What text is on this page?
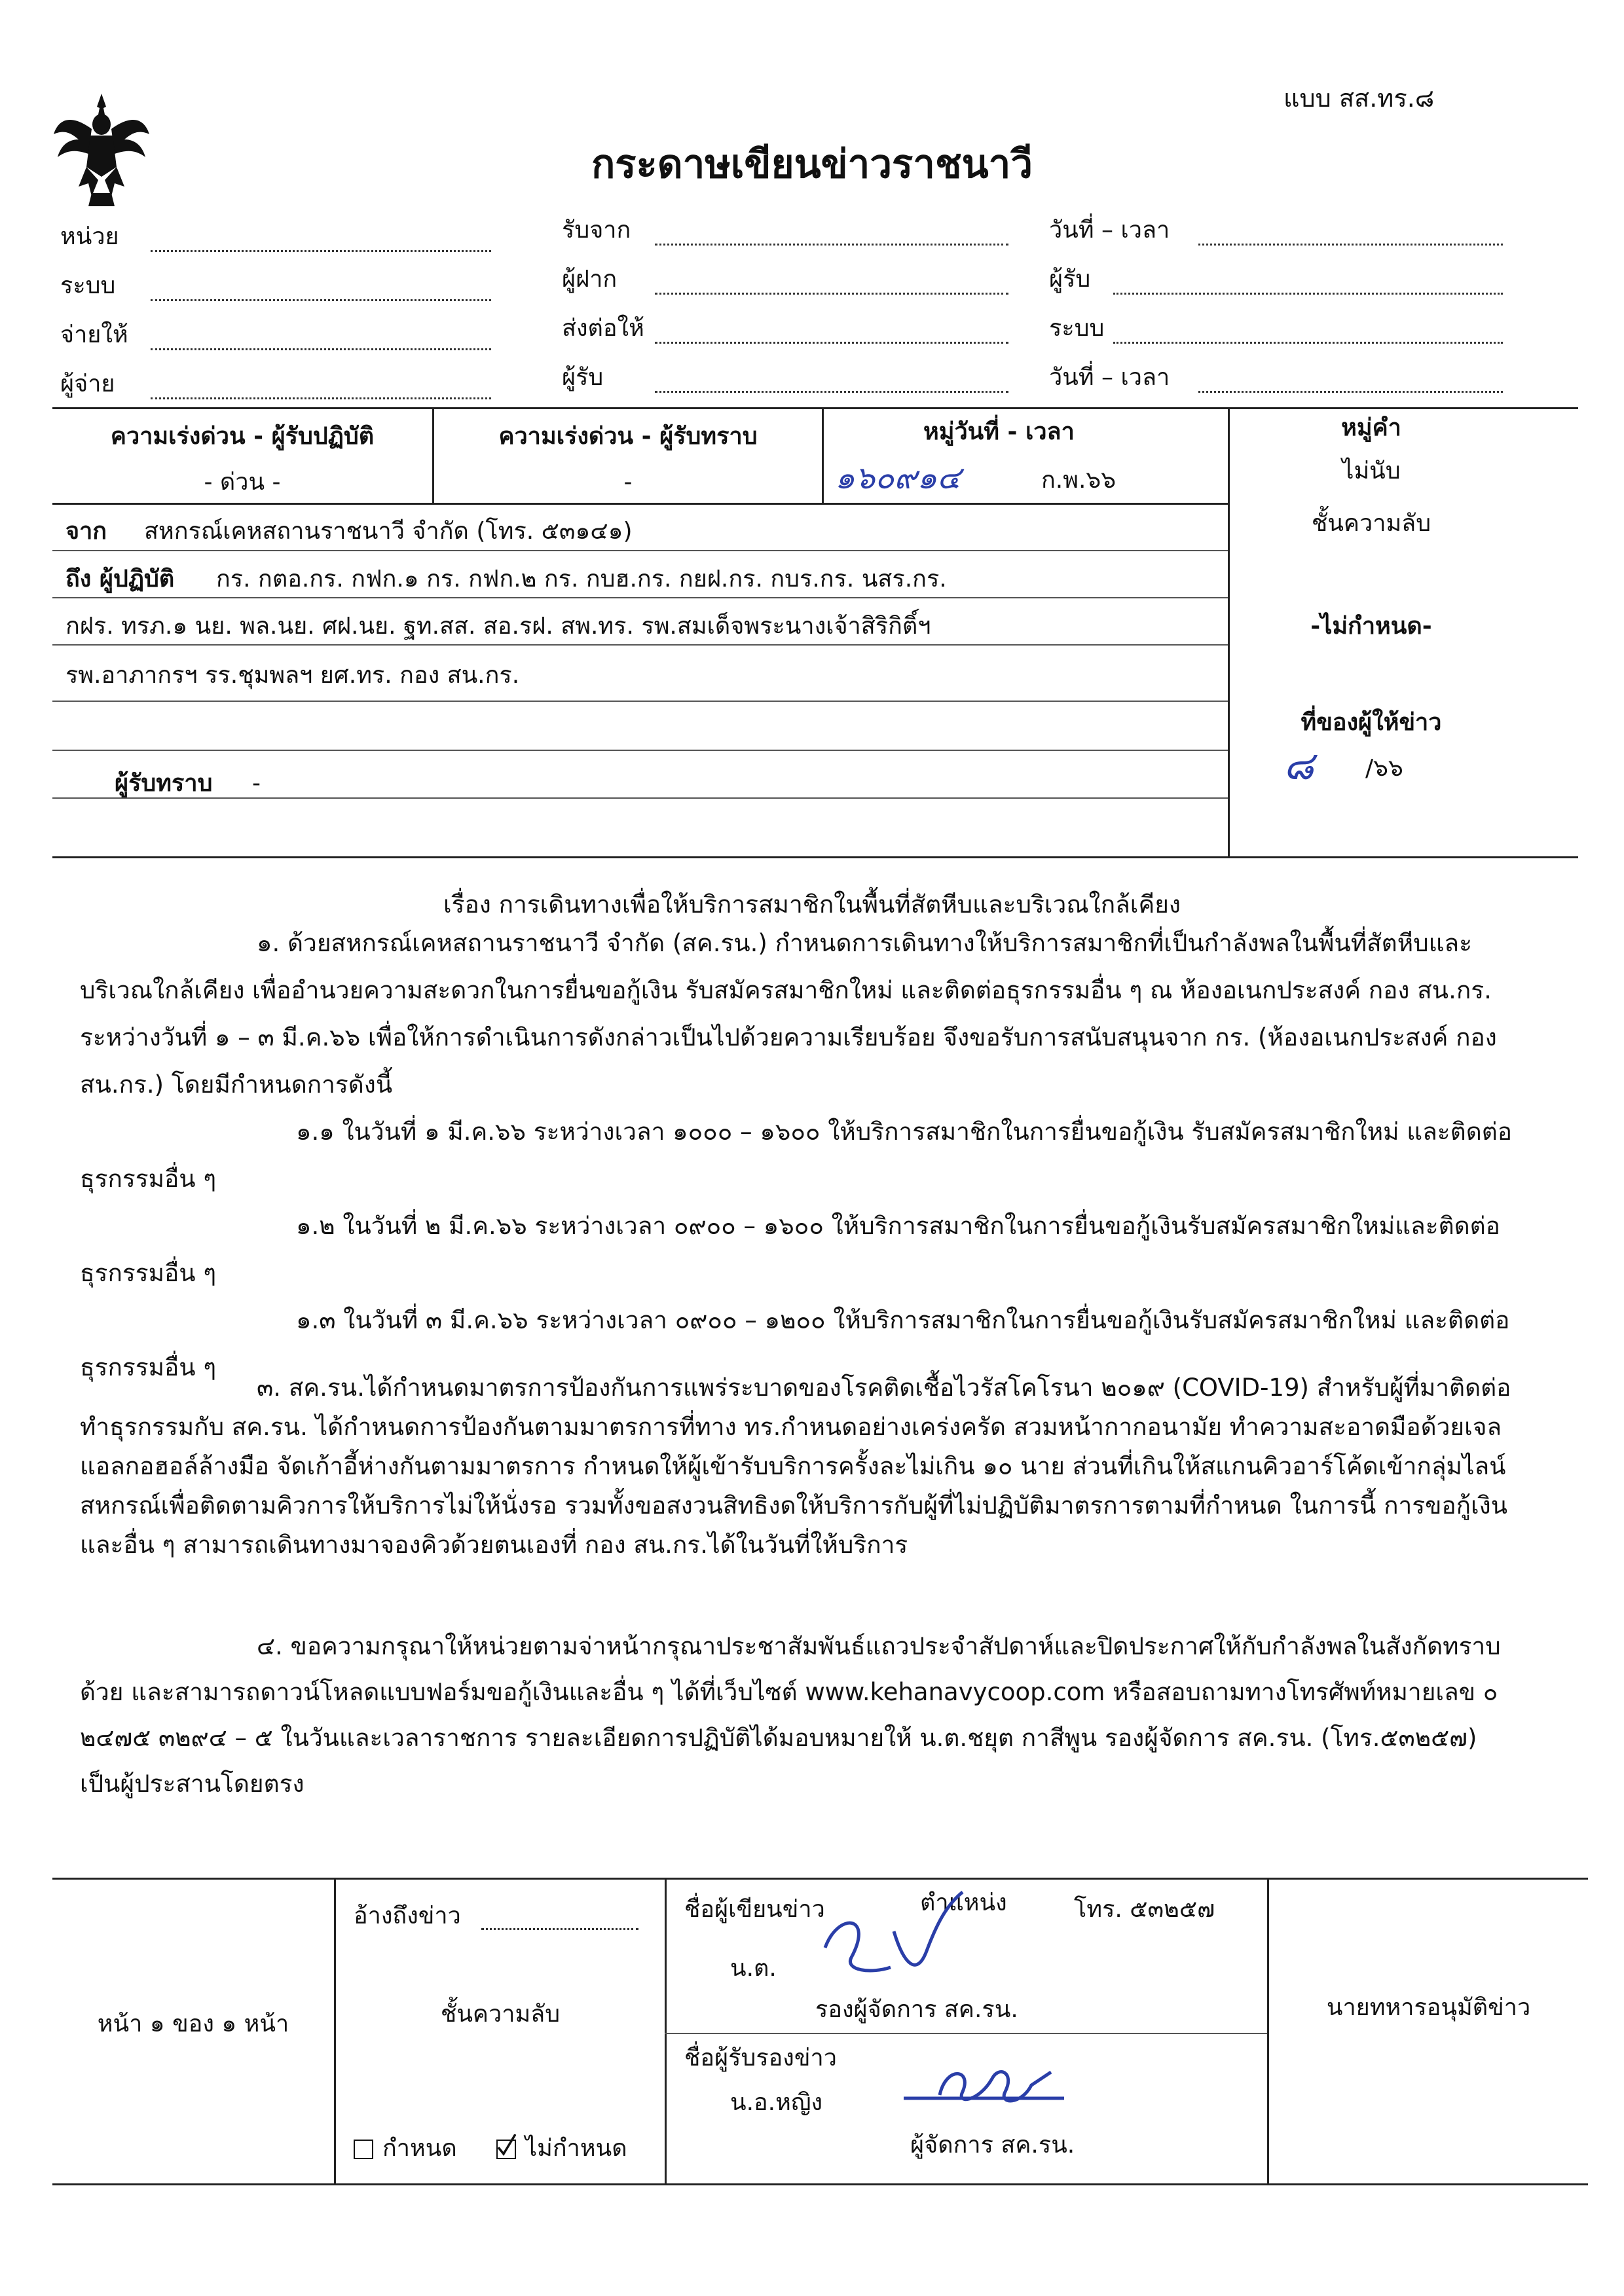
แบบ สส.ทร.๘
กระดาษเขียนข่าวราชนาวี
หน่วย
ระบบ
จ่ายให้
ผู้จ่าย
รับจาก
ผู้ฝาก
ส่งต่อให้
ผู้รับ
วันที่ – เวลา
ผู้รับ
ระบบ
วันที่ – เวลา
ความเร่งด่วน - ผู้รับปฏิบัติ
- ด่วน -
ความเร่งด่วน - ผู้รับทราบ
-
หมู่วันที่ - เวลา
๑๖๐๙๑๔	ก.พ.๖๖
หมู่คำ
ไม่นับ
ชั้นความลับ
-ไม่กำหนด-
ที่ของผู้ให้ข่าว
๘ /๖๖
จาก สหกรณ์เคหสถานราชนาวี จำกัด (โทร. ๕๓๑๔๑)
ถึง ผู้ปฏิบัติ กร. กตอ.กร. กฟก.๑ กร. กฟก.๒ กร. กบฮ.กร. กยฝ.กร. กบร.กร. นสร.กร.
กฝร. ทรภ.๑ นย. พล.นย. ศฝ.นย. ฐท.สส. สอ.รฝ. สพ.ทร. รพ.สมเด็จพระนางเจ้าสิริกิติ์ฯ
รพ.อาภากรฯ รร.ชุมพลฯ ยศ.ทร. กอง สน.กร.
ผู้รับทราบ -
เรื่อง การเดินทางเพื่อให้บริการสมาชิกในพื้นที่สัตหีบและบริเวณใกล้เคียง
๑. ด้วยสหกรณ์เคหสถานราชนาวี จำกัด (สค.รน.) กำหนดการเดินทางให้บริการสมาชิกที่เป็นกำลังพลในพื้นที่สัตหีบและบริเวณใกล้เคียง เพื่ออำนวยความสะดวกในการยื่นขอกู้เงิน รับสมัครสมาชิกใหม่ และติดต่อธุรกรรมอื่น ๆ ณ ห้องอเนกประสงค์ กอง สน.กร. ระหว่างวันที่ ๑ – ๓ มี.ค.๖๖ เพื่อให้การดำเนินการดังกล่าวเป็นไปด้วยความเรียบร้อย จึงขอรับการสนับสนุนจาก กร. (ห้องอเนกประสงค์ กอง สน.กร.) โดยมีกำหนดการดังนี้
๑.๑ ในวันที่ ๑ มี.ค.๖๖ ระหว่างเวลา ๑๐๐๐ – ๑๖๐๐ ให้บริการสมาชิกในการยื่นขอกู้เงิน รับสมัครสมาชิกใหม่ และติดต่อธุรกรรมอื่น ๆ
๑.๒ ในวันที่ ๒ มี.ค.๖๖ ระหว่างเวลา ๐๙๐๐ – ๑๖๐๐ ให้บริการสมาชิกในการยื่นขอกู้เงินรับสมัครสมาชิกใหม่และติดต่อธุรกรรมอื่น ๆ
๑.๓ ในวันที่ ๓ มี.ค.๖๖ ระหว่างเวลา ๐๙๐๐ – ๑๒๐๐ ให้บริการสมาชิกในการยื่นขอกู้เงินรับสมัครสมาชิกใหม่ และติดต่อธุรกรรมอื่น ๆ
๓. สค.รน.ได้กำหนดมาตรการป้องกันการแพร่ระบาดของโรคติดเชื้อไวรัสโคโรนา ๒๐๑๙ (COVID-19) สำหรับผู้ที่มาติดต่อทำธุรกรรมกับ สค.รน. ได้กำหนดการป้องกันตามมาตรการที่ทาง ทร.กำหนดอย่างเคร่งครัด สวมหน้ากากอนามัย ทำความสะอาดมือด้วยเจลแอลกอฮอล์ล้างมือ จัดเก้าอี้ห่างกันตามมาตรการ กำหนดให้ผู้เข้ารับบริการครั้งละไม่เกิน ๑๐ นาย ส่วนที่เกินให้สแกนคิวอาร์โค้ดเข้ากลุ่มไลน์สหกรณ์เพื่อติดตามคิวการให้บริการไม่ให้นั่งรอ รวมทั้งขอสงวนสิทธิงดให้บริการกับผู้ที่ไม่ปฏิบัติมาตรการตามที่กำหนด ในการนี้ การขอกู้เงินและอื่น ๆ สามารถเดินทางมาจองคิวด้วยตนเองที่ กอง สน.กร.ได้ในวันที่ให้บริการ
๔. ขอความกรุณาให้หน่วยตามจ่าหน้ากรุณาประชาสัมพันธ์แถวประจำสัปดาห์และปิดประกาศให้กับกำลังพลในสังกัดทราบด้วย และสามารถดาวน์โหลดแบบฟอร์มขอกู้เงินและอื่น ๆ ได้ที่เว็บไซต์ www.kehanavycoop.com หรือสอบถามทางโทรศัพท์หมายเลข ๐ ๒๔๗๕ ๓๒๙๔ – ๕ ในวันและเวลาราชการ รายละเอียดการปฏิบัติได้มอบหมายให้ น.ต.ชยุต กาสีพูน รองผู้จัดการ สค.รน. (โทร.๕๓๒๕๗) เป็นผู้ประสานโดยตรง
หน้า ๑ ของ ๑ หน้า
อ้างถึงข่าว
ชั้นความลับ
กำหนด	ไม่กำหนด
ชื่อผู้เขียนข่าว	ตำแหน่ง	โทร. ๕๓๒๕๗
น.ต.
รองผู้จัดการ สค.รน.
ชื่อผู้รับรองข่าว
น.อ.หญิง
ผู้จัดการ สค.รน.
นายทหารอนุมัติข่าว
